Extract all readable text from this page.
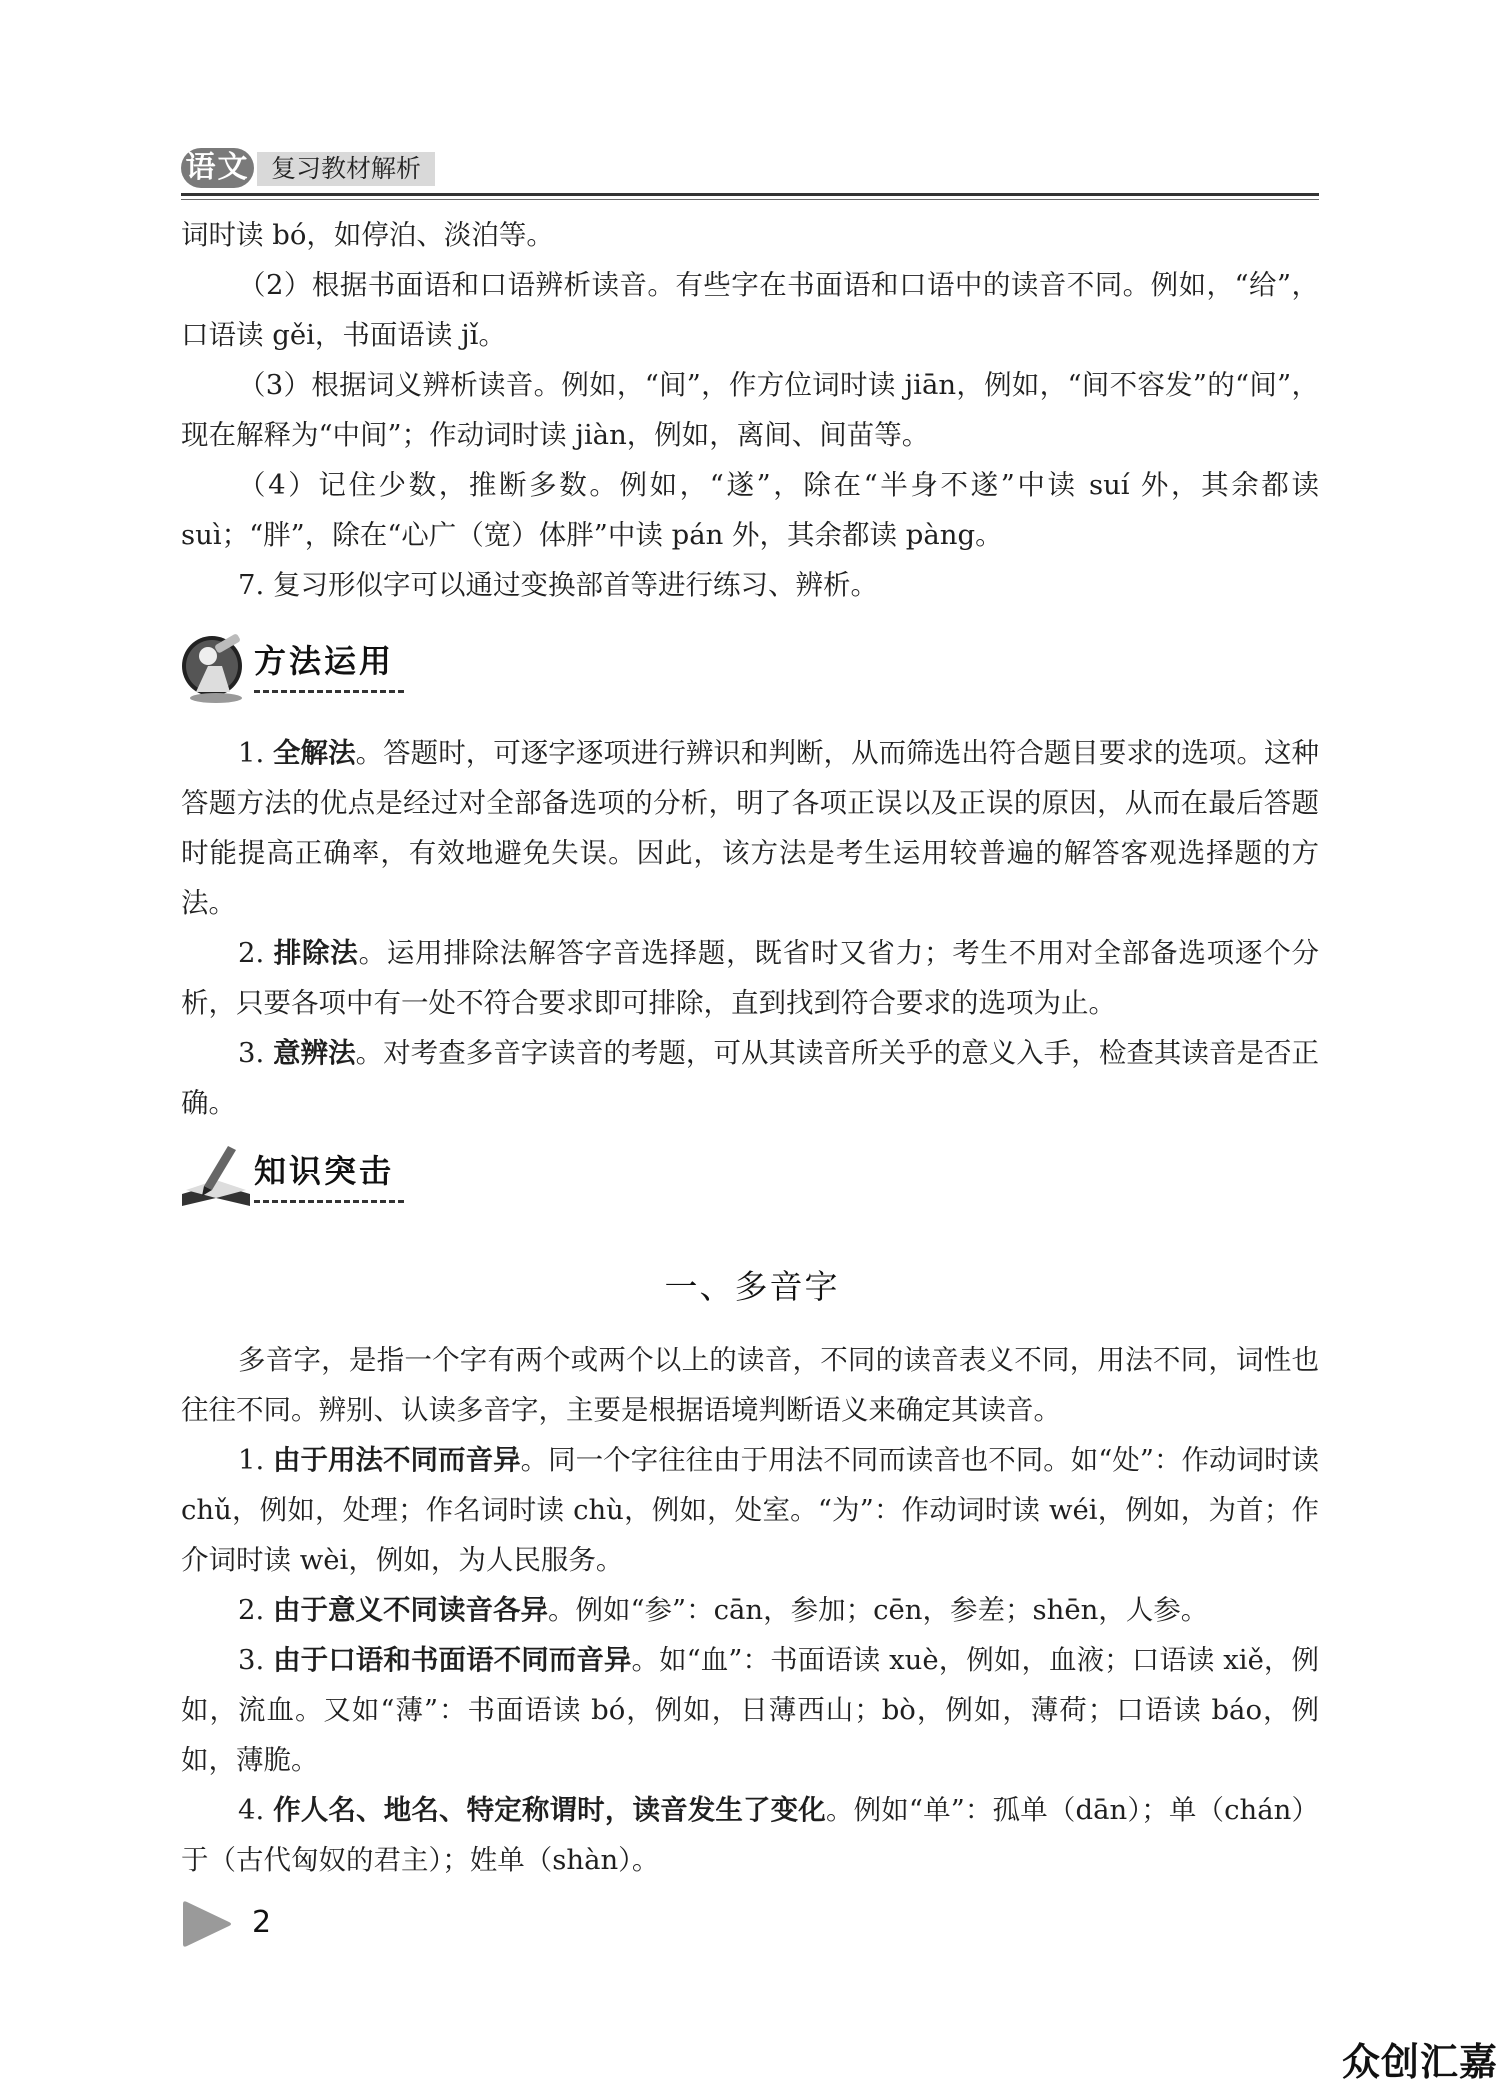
语文 复习教材解析

词时读 bó，如停泊、淡泊等。

（2）根据书面语和口语辨析读音。有些字在书面语和口语中的读音不同。例如，“给”，口语读 gěi，书面语读 jǐ。

（3）根据词义辨析读音。例如，“间”，作方位词时读 jiān，例如，“间不容发”的“间”，现在解释为“中间”；作动词时读 jiàn，例如，离间、间苗等。

（4）记住少数，推断多数。例如，“遂”，除在“半身不遂”中读 suí 外，其余都读 suì；“胖”，除在“心广（宽）体胖”中读 pán 外，其余都读 pàng。

7. 复习形似字可以通过变换部首等进行练习、辨析。

方法运用

1. 全解法。答题时，可逐字逐项进行辨识和判断，从而筛选出符合题目要求的选项。这种答题方法的优点是经过对全部备选项的分析，明了各项正误以及正误的原因，从而在最后答题时能提高正确率，有效地避免失误。因此，该方法是考生运用较普遍的解答客观选择题的方法。

2. 排除法。运用排除法解答字音选择题，既省时又省力；考生不用对全部备选项逐个分析，只要各项中有一处不符合要求即可排除，直到找到符合要求的选项为止。

3. 意辨法。对考查多音字读音的考题，可从其读音所关乎的意义入手，检查其读音是否正确。

知识突击
一、多音字

多音字，是指一个字有两个或两个以上的读音，不同的读音表义不同，用法不同，词性也往往不同。辨别、认读多音字，主要是根据语境判断语义来确定其读音。

1. 由于用法不同而音异。同一个字往往由于用法不同而读音也不同。如“处”：作动词时读 chǔ，例如，处理；作名词时读 chù，例如，处室。“为”：作动词时读 wéi，例如，为首；作介词时读 wèi，例如，为人民服务。

2. 由于意义不同读音各异。例如“参”：cān，参加；cēn，参差；shēn，人参。

3. 由于口语和书面语不同而音异。如“血”：书面语读 xuè，例如，血液；口语读 xiě，例如，流血。又如“薄”：书面语读 bó，例如，日薄西山；bò，例如，薄荷；口语读 báo，例如，薄脆。

4. 作人名、地名、特定称谓时，读音发生了变化。例如“单”：孤单（dān）；单（chán）于（古代匈奴的君主）；姓单（shàn）。

2
众创汇嘉
